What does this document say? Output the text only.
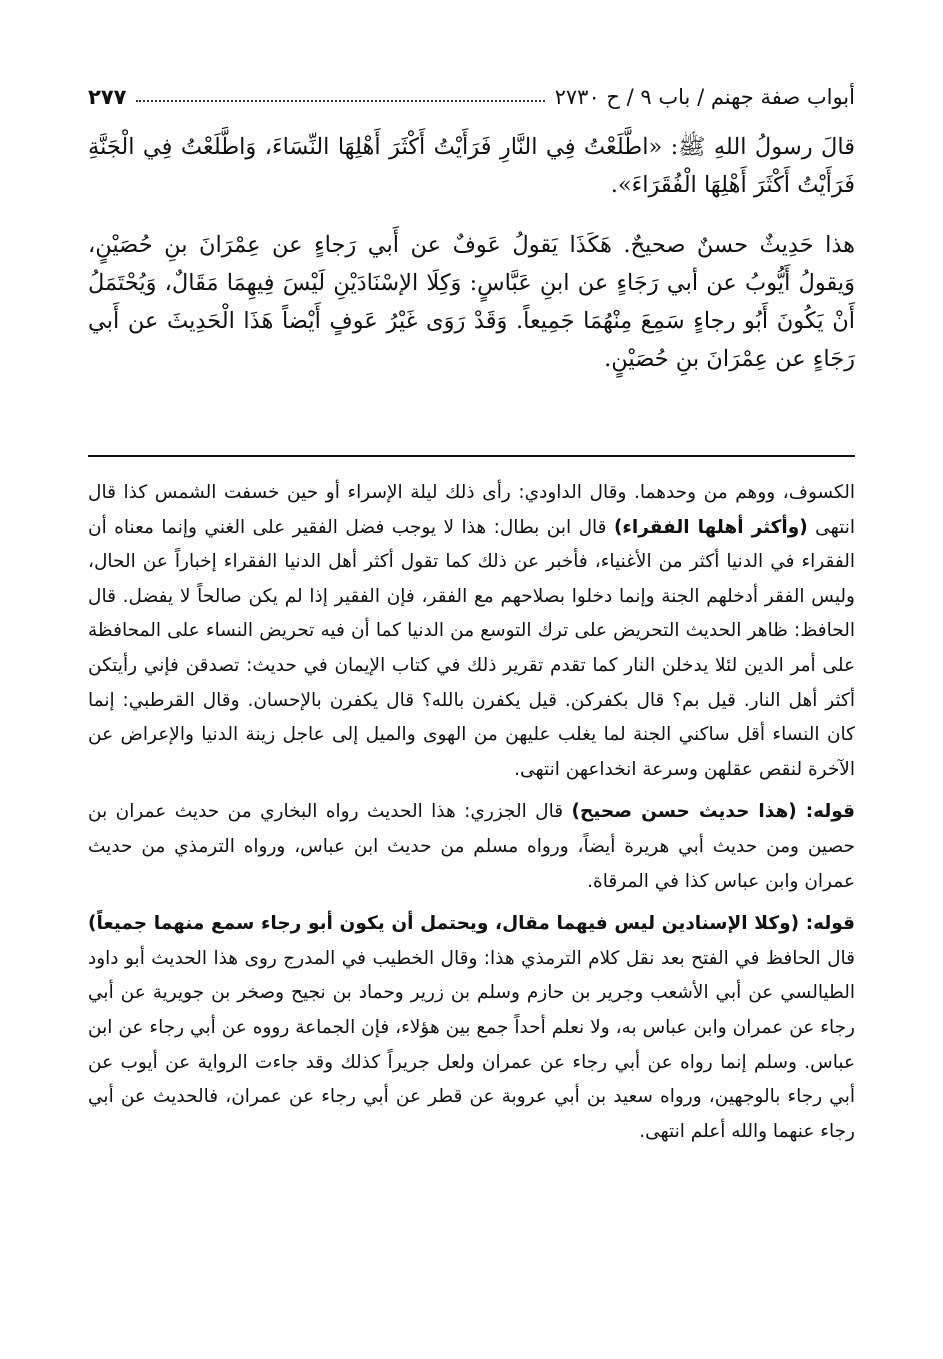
أبواب صفة جهنم / باب ٩ / ح ٢٧٣٠
٢٧٧

قالَ رسولُ اللهِ ﷺ: «اطَّلَعْتُ فِي النَّارِ فَرَأَيْتُ أَكْثَرَ أَهْلِهَا النِّسَاءَ، وَاطَّلَعْتُ فِي الْجَنَّةِ فَرَأَيْتُ أَكْثَرَ أَهْلِهَا الْفُقَرَاءَ».

هذا حَدِيثٌ حسنٌ صحيحٌ. هَكَذَا يَقولُ عَوفٌ عن أَبي رَجاءٍ عن عِمْرَانَ بنِ حُصَيْنٍ، وَيقولُ أَيُّوبُ عن أبي رَجَاءٍ عن ابنِ عَبَّاسٍ: وَكِلَا الإسْنَادَيْنِ لَيْسَ فِيهِمَا مَقَالٌ، وَيُحْتَمَلُ أَنْ يَكُونَ أَبُو رجاءٍ سَمِعَ مِنْهُمَا جَمِيعاً. وَقَدْ رَوَى غَيْرُ عَوفٍ أَيْضاً هَذَا الْحَدِيثَ عن أَبي رَجَاءٍ عن عِمْرَانَ بنِ حُصَيْنٍ.

الكسوف، ووهم من وحدهما. وقال الداودي: رأى ذلك ليلة الإسراء أو حين خسفت الشمس كذا قال انتهى (وأكثر أهلها الفقراء) قال ابن بطال: هذا لا يوجب فضل الفقير على الغني وإنما معناه أن الفقراء في الدنيا أكثر من الأغنياء، فأخبر عن ذلك كما تقول أكثر أهل الدنيا الفقراء إخباراً عن الحال، وليس الفقر أدخلهم الجنة وإنما دخلوا بصلاحهم مع الفقر، فإن الفقير إذا لم يكن صالحاً لا يفضل. قال الحافظ: ظاهر الحديث التحريض على ترك التوسع من الدنيا كما أن فيه تحريض النساء على المحافظة على أمر الدين لئلا يدخلن النار كما تقدم تقرير ذلك في كتاب الإيمان في حديث: تصدقن فإني رأيتكن أكثر أهل النار. قيل بم؟ قال بكفركن. قيل يكفرن بالله؟ قال يكفرن بالإحسان. وقال القرطبي: إنما كان النساء أقل ساكني الجنة لما يغلب عليهن من الهوى والميل إلى عاجل زينة الدنيا والإعراض عن الآخرة لنقص عقلهن وسرعة انخداعهن انتهى.

قوله: (هذا حديث حسن صحيح) قال الجزري: هذا الحديث رواه البخاري من حديث عمران بن حصين ومن حديث أبي هريرة أيضاً، ورواه مسلم من حديث ابن عباس، ورواه الترمذي من حديث عمران وابن عباس كذا في المرقاة.

قوله: (وكلا الإسنادين ليس فيهما مقال، ويحتمل أن يكون أبو رجاء سمع منهما جميعاً) قال الحافظ في الفتح بعد نقل كلام الترمذي هذا: وقال الخطيب في المدرج روى هذا الحديث أبو داود الطيالسي عن أبي الأشعب وجرير بن حازم وسلم بن زرير وحماد بن نجيح وصخر بن جويرية عن أبي رجاء عن عمران وابن عباس به، ولا نعلم أحداً جمع بين هؤلاء، فإن الجماعة رووه عن أبي رجاء عن ابن عباس. وسلم إنما رواه عن أبي رجاء عن عمران ولعل جريراً كذلك وقد جاءت الرواية عن أيوب عن أبي رجاء بالوجهين، ورواه سعيد بن أبي عروبة عن قطر عن أبي رجاء عن عمران، فالحديث عن أبي رجاء عنهما والله أعلم انتهى.
